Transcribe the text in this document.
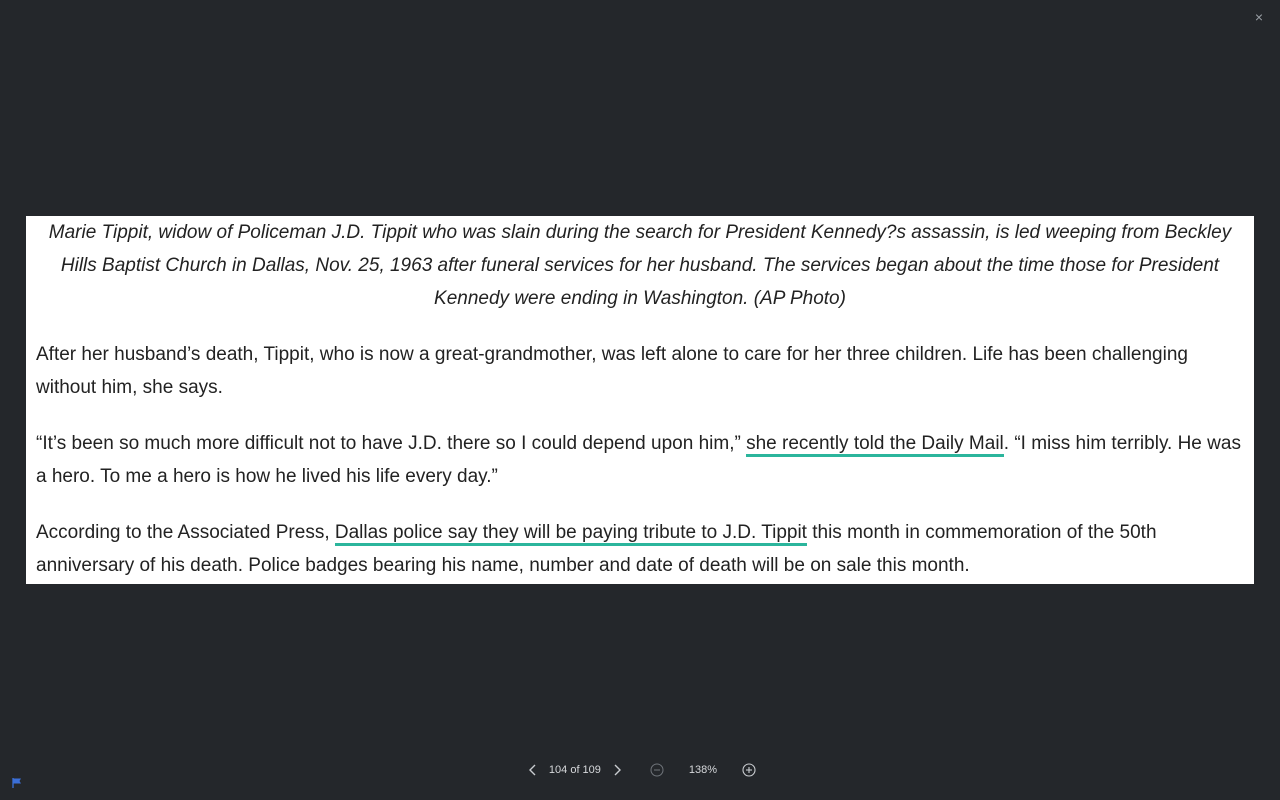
×

Marie Tippit, widow of Policeman J.D. Tippit who was slain during the search for President Kennedy?s assassin, is led weeping from Beckley Hills Baptist Church in Dallas, Nov. 25, 1963 after funeral services for her husband. The services began about the time those for President Kennedy were ending in Washington. (AP Photo)

After her husband’s death, Tippit, who is now a great-grandmother, was left alone to care for her three children. Life has been challenging without him, she says.

“It’s been so much more difficult not to have J.D. there so I could depend upon him,” she recently told the Daily Mail. “I miss him terribly. He was a hero. To me a hero is how he lived his life every day.”

According to the Associated Press, Dallas police say they will be paying tribute to J.D. Tippit this month in commemoration of the 50th anniversary of his death. Police badges bearing his name, number and date of death will be on sale this month.

104 of 109	138%
